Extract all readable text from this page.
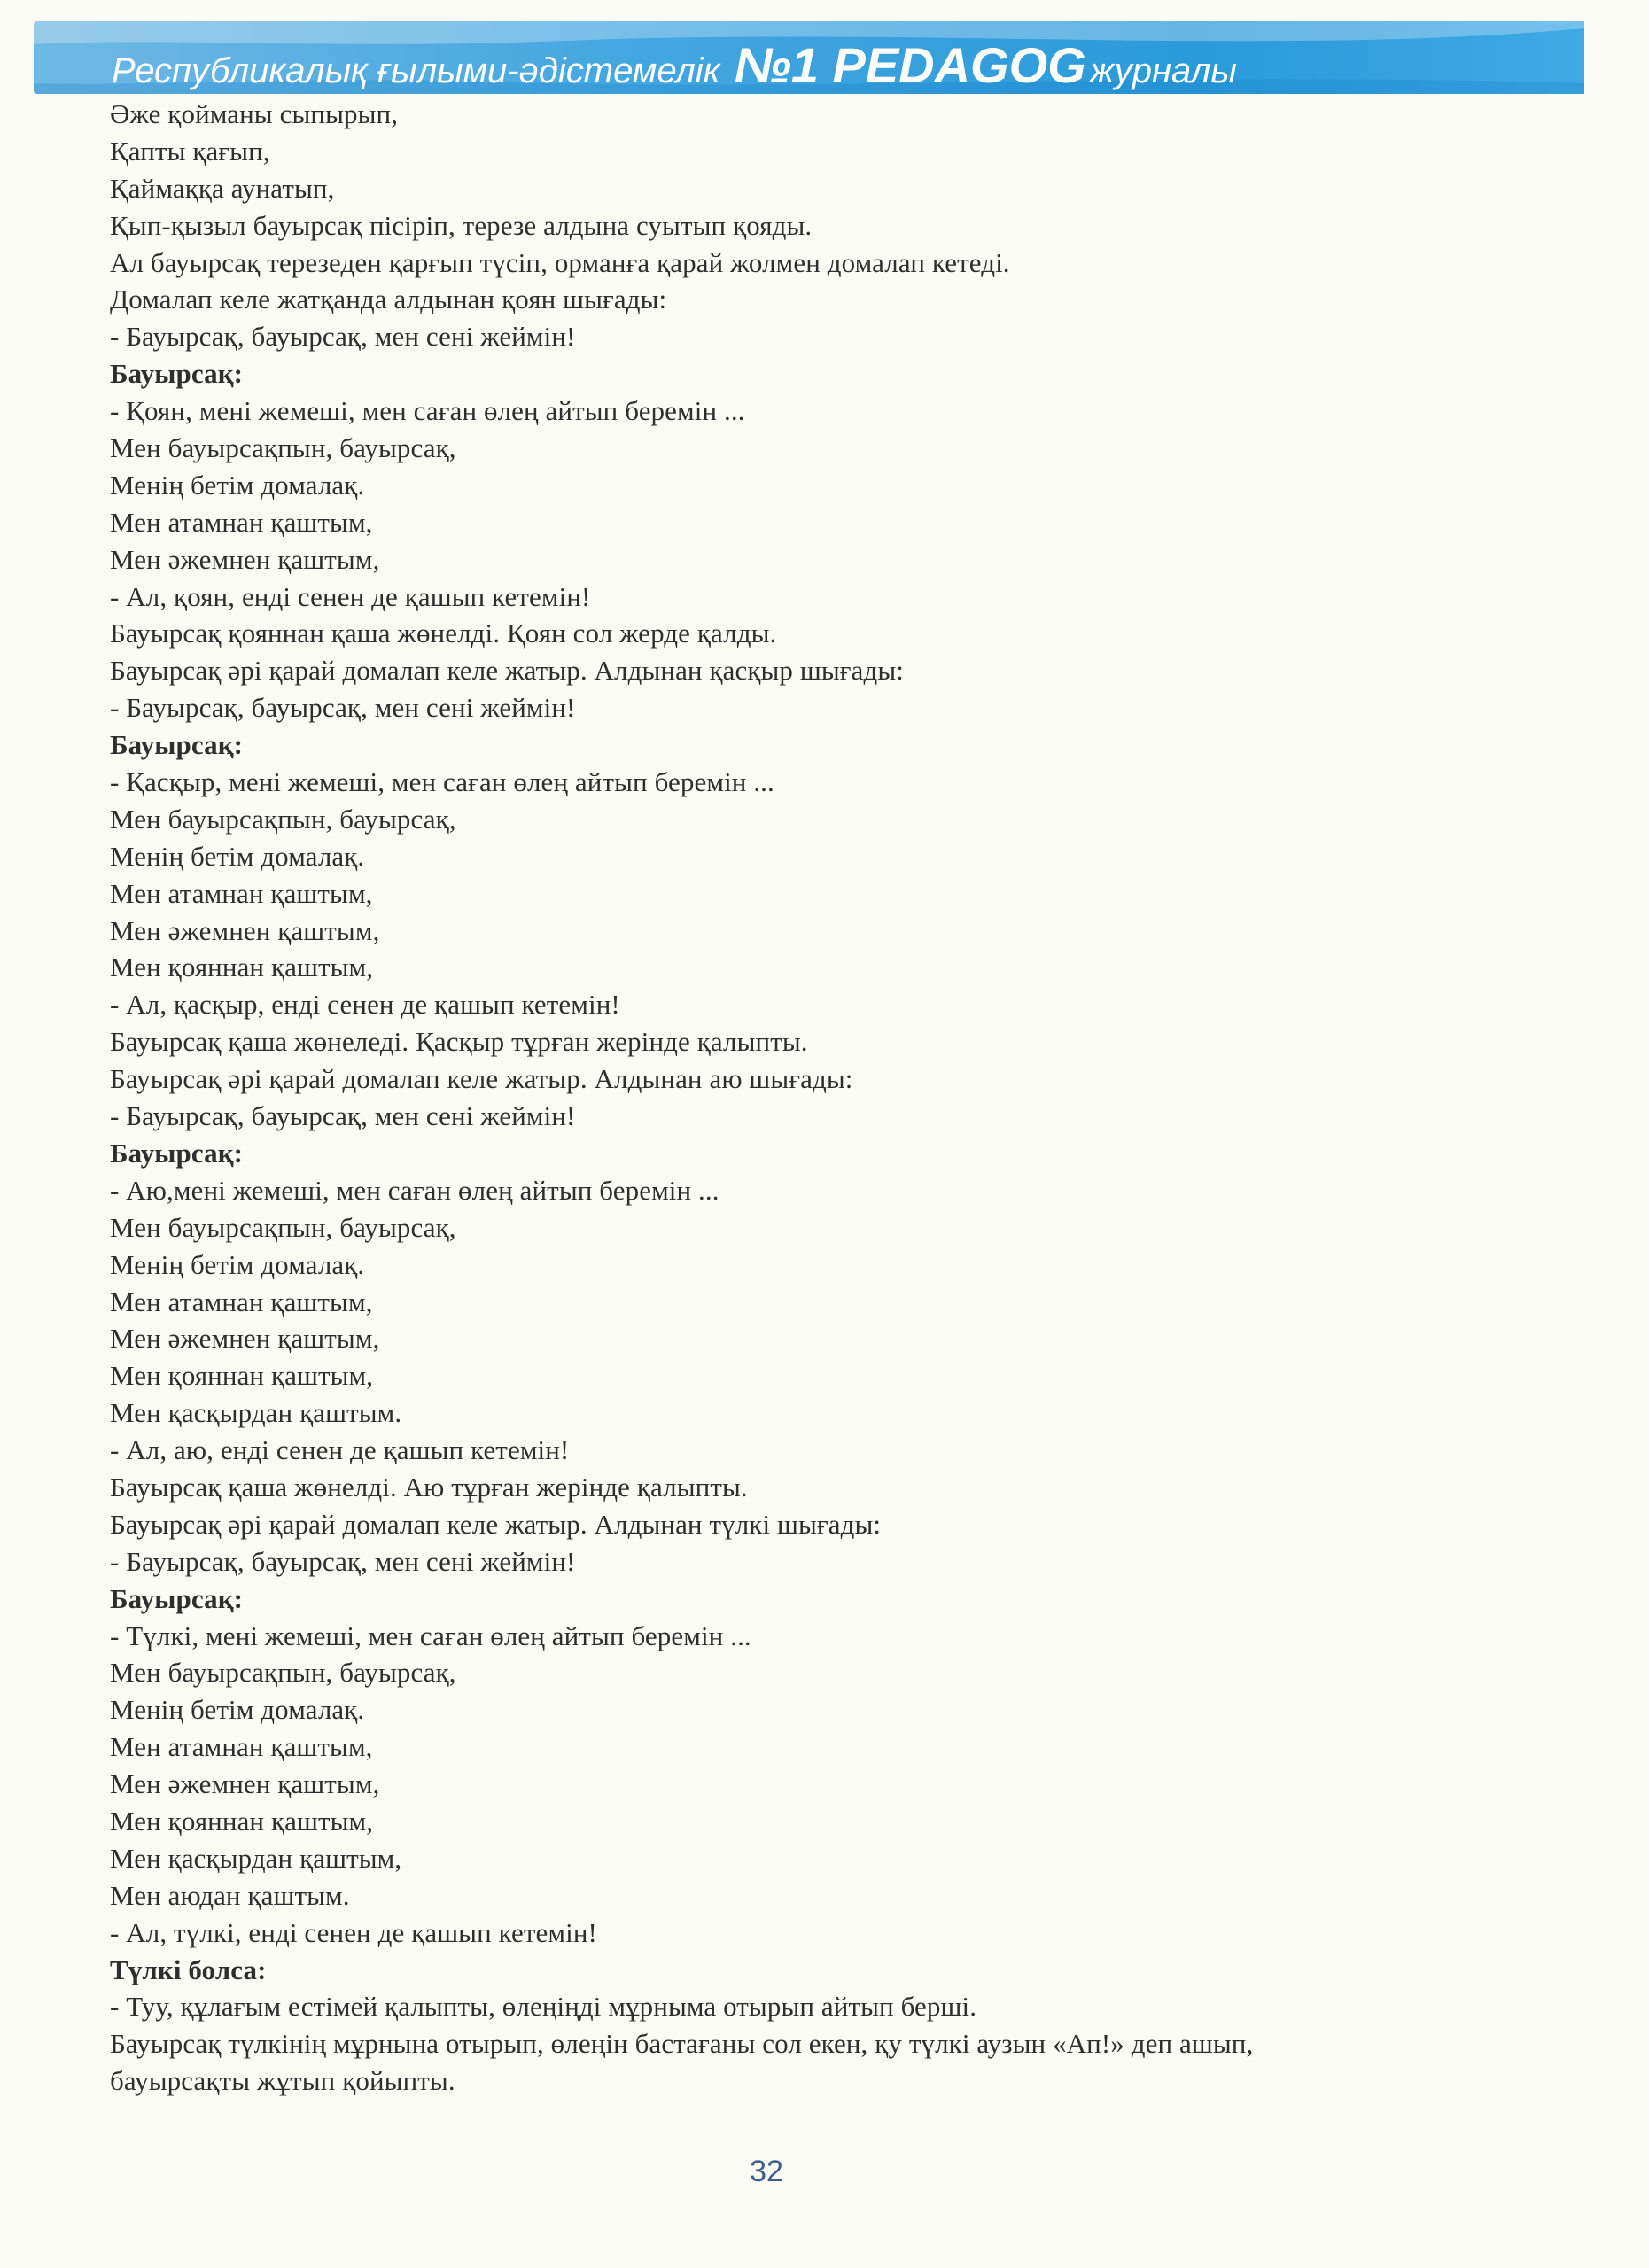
Республикалық ғылыми-әдістемелік №1 PEDAGOG журналы
Әже қойманы сыпырып,
Қапты қағып,
Қаймаққа аунатып,
Қып-қызыл бауырсақ пісіріп, терезе алдына суытып қояды.
Ал бауырсақ терезеден қарғып түсіп, орманға қарай жолмен домалап кетеді.
Домалап келе жатқанда алдынан қоян шығады:
- Бауырсақ, бауырсақ, мен сені жеймін!
Бауырсақ:
- Қоян, мені жемеші, мен саған өлең айтып беремін ...
Мен бауырсақпын, бауырсақ,
Менің бетім домалақ.
Мен атамнан қаштым,
Мен әжемнен қаштым,
- Ал, қоян, енді сенен де қашып кетемін!
Бауырсақ қояннан қаша жөнелді. Қоян сол жерде қалды.
Бауырсақ әрі қарай домалап келе жатыр. Алдынан қасқыр шығады:
- Бауырсақ, бауырсақ, мен сені жеймін!
Бауырсақ:
- Қасқыр, мені жемеші, мен саған өлең айтып беремін ...
Мен бауырсақпын, бауырсақ,
Менің бетім домалақ.
Мен атамнан қаштым,
Мен әжемнен қаштым,
Мен қояннан қаштым,
- Ал, қасқыр, енді сенен де қашып кетемін!
Бауырсақ қаша жөнеледі. Қасқыр тұрған жерінде қалыпты.
Бауырсақ әрі қарай домалап келе жатыр. Алдынан аю шығады:
- Бауырсақ, бауырсақ, мен сені жеймін!
Бауырсақ:
- Аю,мені жемеші, мен саған өлең айтып беремін ...
Мен бауырсақпын, бауырсақ,
Менің бетім домалақ.
Мен атамнан қаштым,
Мен әжемнен қаштым,
Мен қояннан қаштым,
Мен қасқырдан қаштым.
- Ал, аю, енді сенен де қашып кетемін!
Бауырсақ қаша жөнелді. Аю тұрған жерінде қалыпты.
Бауырсақ әрі қарай домалап келе жатыр. Алдынан түлкі шығады:
- Бауырсақ, бауырсақ, мен сені жеймін!
Бауырсақ:
- Түлкі, мені жемеші, мен саған өлең айтып беремін ...
Мен бауырсақпын, бауырсақ,
Менің бетім домалақ.
Мен атамнан қаштым,
Мен әжемнен қаштым,
Мен қояннан қаштым,
Мен қасқырдан қаштым,
Мен аюдан қаштым.
- Ал, түлкі, енді сенен де қашып кетемін!
Түлкі болса:
- Туу, құлағым естімей қалыпты, өлеңіңді мұрныма отырып айтып берші.
Бауырсақ түлкінің мұрнына отырып, өлеңін бастағаны сол екен, қу түлкі аузын «Ап!» деп ашып,
бауырсақты жұтып қойыпты.
32
